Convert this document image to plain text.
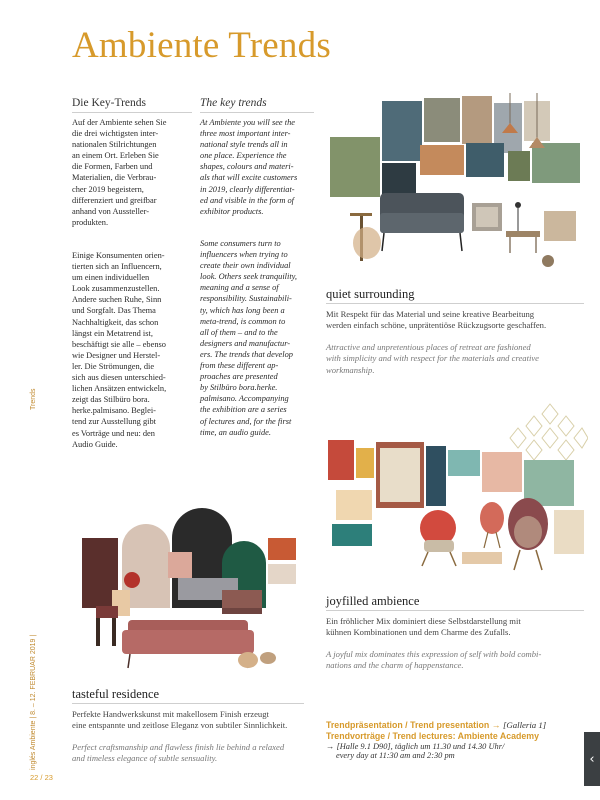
Ambiente Trends
Die Key-Trends

Auf der Ambiente sehen Sie
die drei wichtigsten inter-
nationalen Stilrichtungen
an einem Ort. Erleben Sie
die Formen, Farben und
Materialien, die Verbrau-
cher 2019 begeistern,
differenziert und greifbar
anhand von Aussteller-
produkten.

Einige Konsumenten orien-
tierten sich an Influencern,
um einen individuellen
Look zusammenzustellen.
Andere suchen Ruhe, Sinn
und Sorgfalt. Das Thema
Nachhaltigkeit, das schon
längst ein Metatrend ist,
beschäftigt sie alle – ebenso
wie Designer und Herstel-
ler. Die Strömungen, die
sich aus diesen unterschied-
lichen Ansätzen entwickeln,
zeigt das Stilbüro bora.
herke.palmisano. Beglei-
tend zur Ausstellung gibt
es Vorträge und neu: den
Audio Guide.

The key trends

At Ambiente you will see the
three most important inter-
national style trends all in
one place. Experience the
shapes, colours and materi-
als that will excite customers
in 2019, clearly differentiat-
ed and visible in the form of
exhibitor products.

Some consumers turn to
influencers when trying to
create their own individual
look. Others seek tranquility,
meaning and a sense of
responsibility. Sustainabili-
ty, which has long been a
meta-trend, is common to
all of them – and to the
designers and manufactur-
ers. The trends that develop
from these different ap-
proaches are presented
by Stilbüro bora.herke.
palmisano. Accompanying
the exhibition are a series
of lectures and, for the first
time, an audio guide.

quiet surrounding

Mit Respekt für das Material und seine kreative Bearbeitung
werden einfach schöne, unprätentiöse Rückzugsorte geschaffen.

Attractive and unpretentious places of retreat are fashioned
with simplicity and with respect for the materials and creative
workmanship.

joyfilled ambience

Ein fröhlicher Mix dominiert diese Selbstdarstellung mit
kühnen Kombinationen und dem Charme des Zufalls.

A joyful mix dominates this expression of self with bold combi-
nations and the charm of happenstance.

tasteful residence

Perfekte Handwerkskunst mit makellosem Finish erzeugt
eine entspannte und zeitlose Eleganz von subtiler Sinnlichkeit.

Perfect craftsmanship and flawless finish lie behind a relaxed
and timeless elegance of subtle sensuality.

Trendpräsentation / Trend presentation → [Galleria 1]
Trendvorträge / Trend lectures: Ambiente Academy
→ [Halle 9.1 D90], täglich um 11.30 und 14.30 Uhr/
every day at 11:30 am and 2:30 pm
Trends
inglés Ambiente | 8. – 12. FEBRUAR 2019 |
22 / 23
‹
